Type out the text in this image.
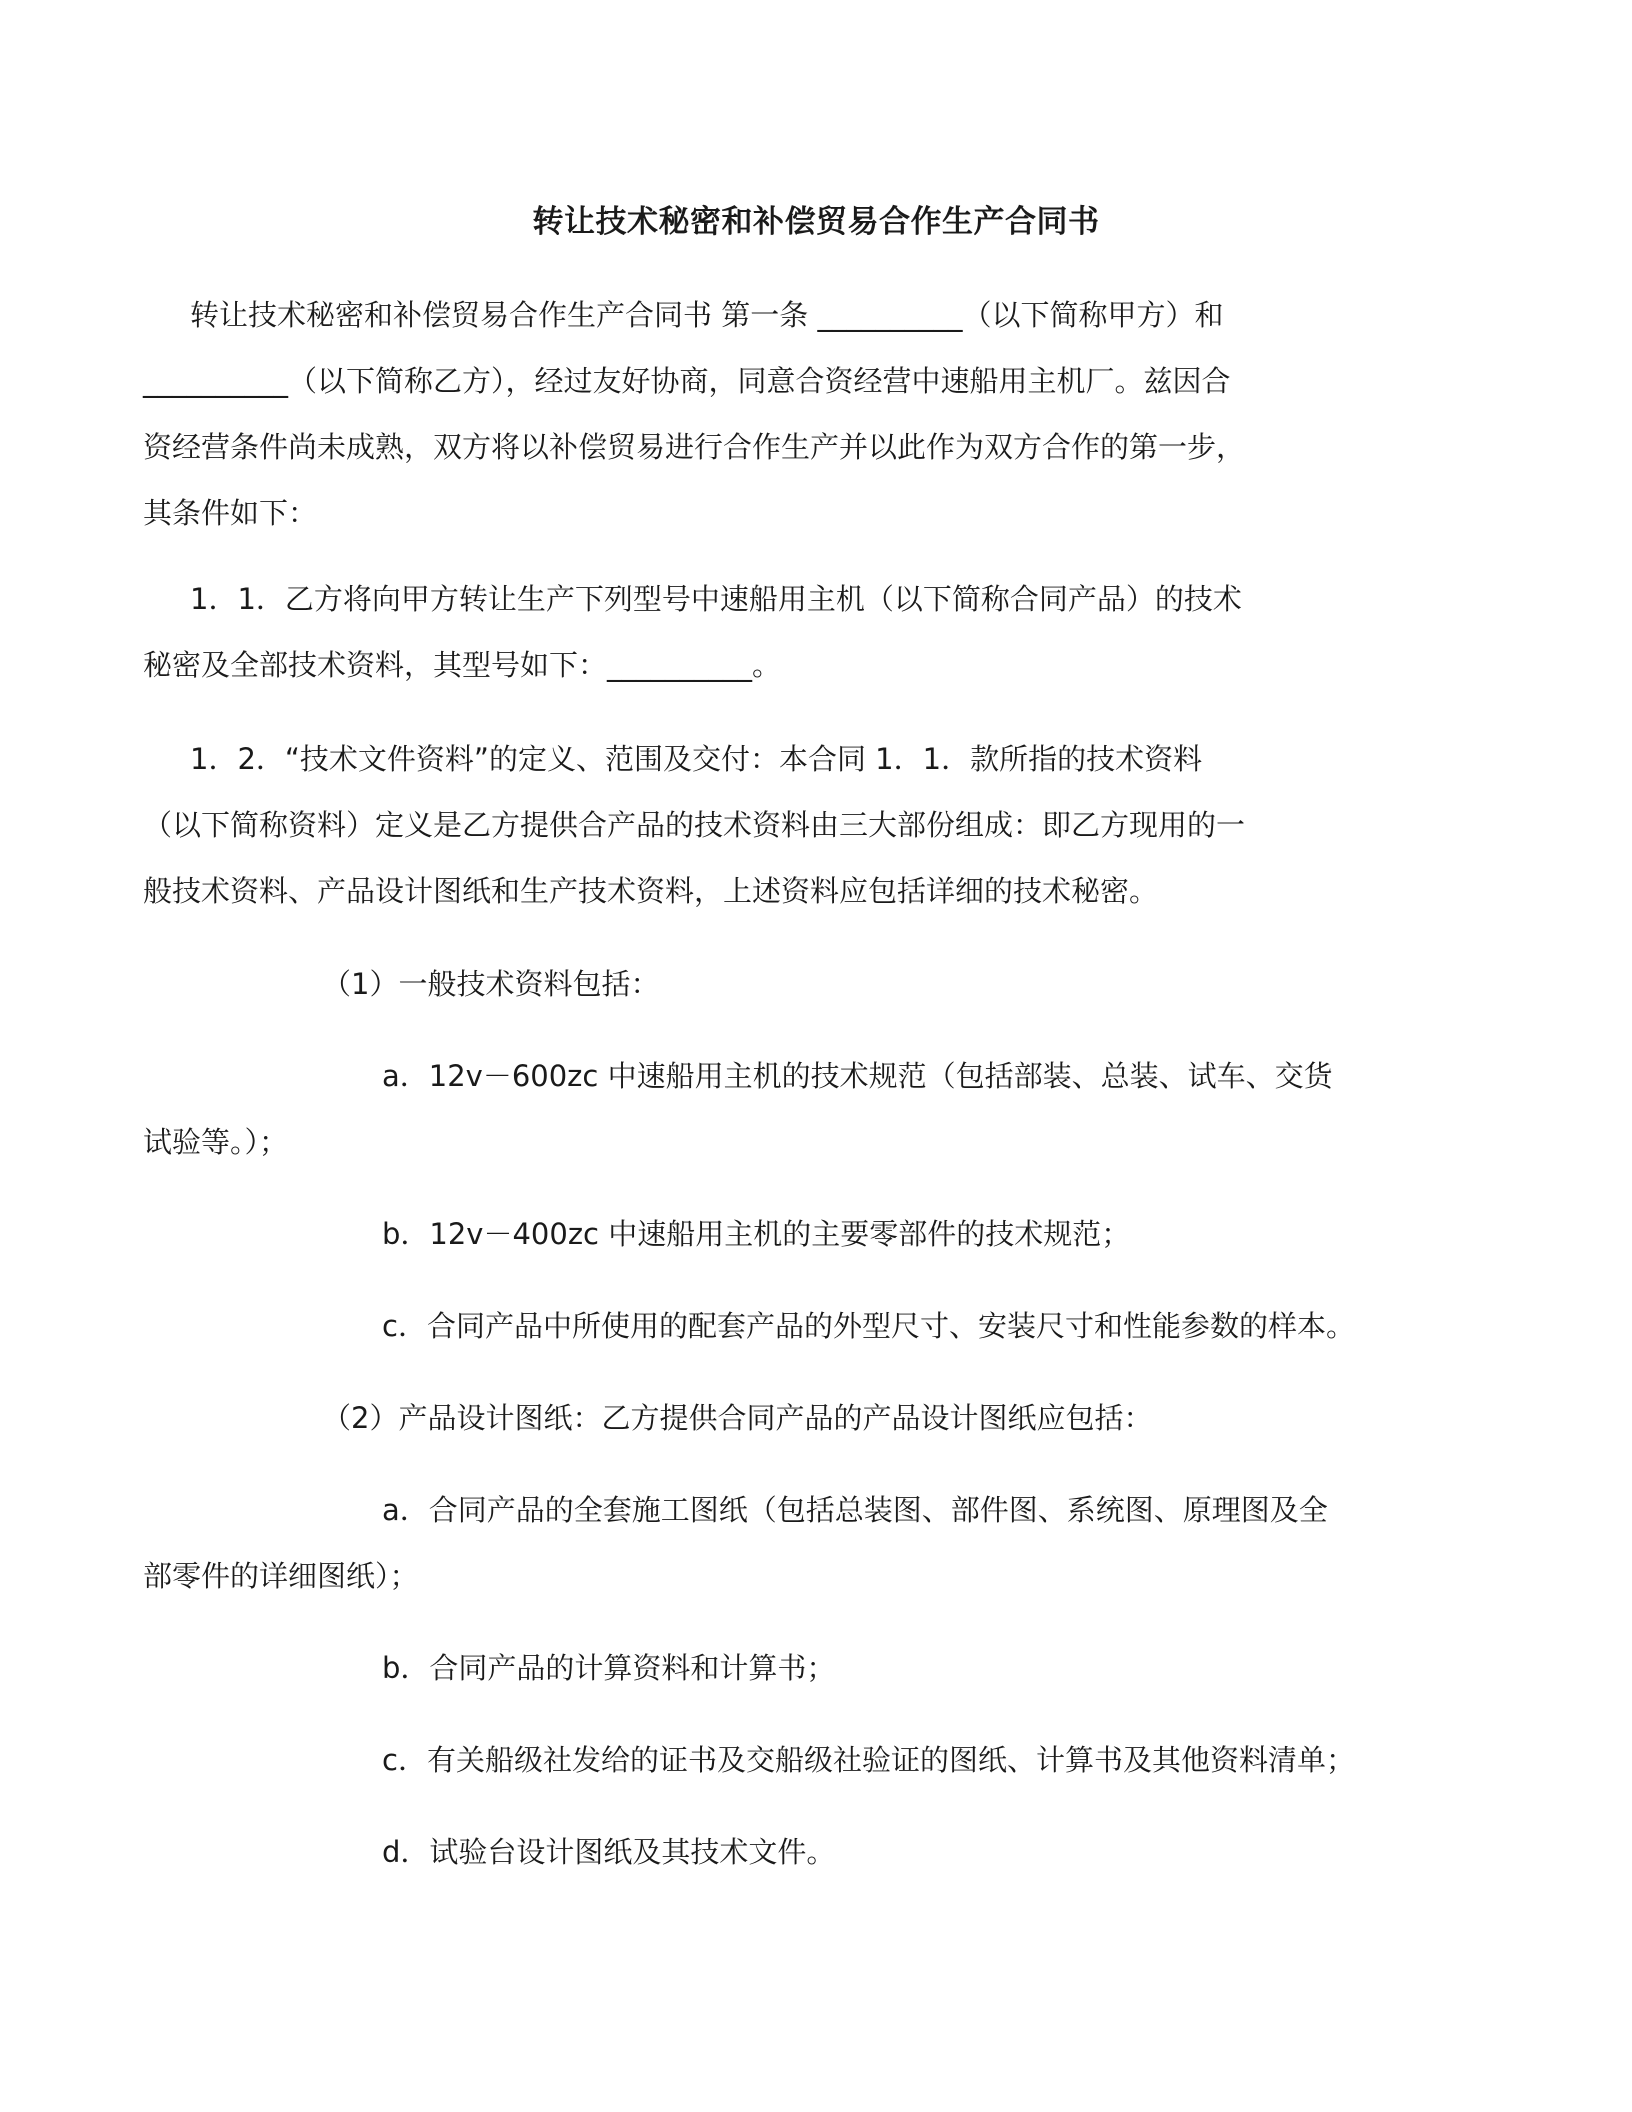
转让技术秘密和补偿贸易合作生产合同书
转让技术秘密和补偿贸易合作生产合同书 第一条 __________（以下简称甲方）和
__________（以下简称乙方），经过友好协商，同意合资经营中速船用主机厂。兹因合
资经营条件尚未成熟，双方将以补偿贸易进行合作生产并以此作为双方合作的第一步，
其条件如下：
1．1．乙方将向甲方转让生产下列型号中速船用主机（以下简称合同产品）的技术
秘密及全部技术资料，其型号如下：__________。
1．2．“技术文件资料”的定义、范围及交付：本合同 1．1．款所指的技术资料
（以下简称资料）定义是乙方提供合产品的技术资料由三大部份组成：即乙方现用的一
般技术资料、产品设计图纸和生产技术资料，上述资料应包括详细的技术秘密。
（1）一般技术资料包括：
a．12v－600zc 中速船用主机的技术规范（包括部装、总装、试车、交货
试验等。）；
b．12v－400zc 中速船用主机的主要零部件的技术规范；
c．合同产品中所使用的配套产品的外型尺寸、安装尺寸和性能参数的样本。
（2）产品设计图纸：乙方提供合同产品的产品设计图纸应包括：
a．合同产品的全套施工图纸（包括总装图、部件图、系统图、原理图及全
部零件的详细图纸）；
b．合同产品的计算资料和计算书；
c．有关船级社发给的证书及交船级社验证的图纸、计算书及其他资料清单；
d．试验台设计图纸及其技术文件。
